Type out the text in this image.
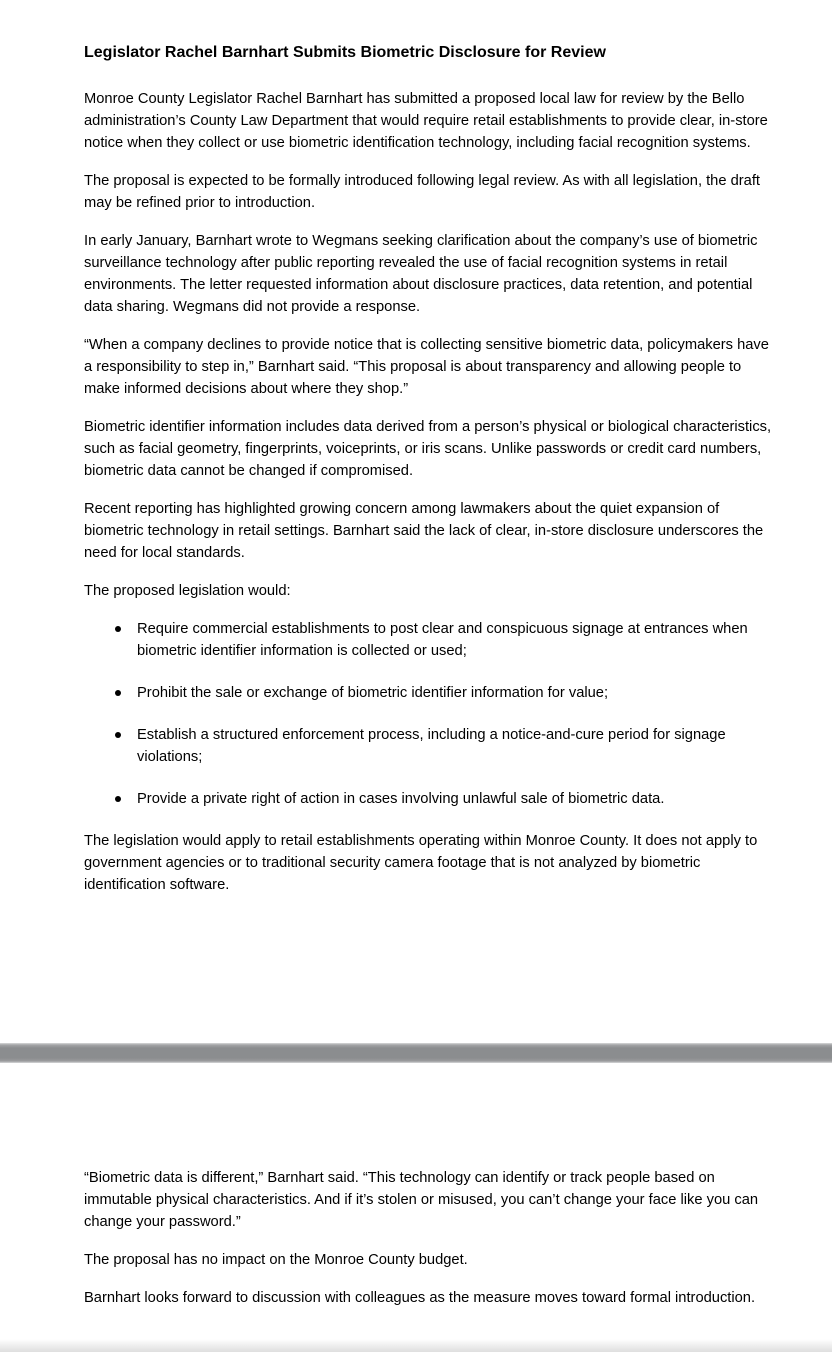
Legislator Rachel Barnhart Submits Biometric Disclosure for Review

Monroe County Legislator Rachel Barnhart has submitted a proposed local law for review by the Bello administration’s County Law Department that would require retail establishments to provide clear, in-store notice when they collect or use biometric identification technology, including facial recognition systems.

The proposal is expected to be formally introduced following legal review. As with all legislation, the draft may be refined prior to introduction.

In early January, Barnhart wrote to Wegmans seeking clarification about the company’s use of biometric surveillance technology after public reporting revealed the use of facial recognition systems in retail environments. The letter requested information about disclosure practices, data retention, and potential data sharing. Wegmans did not provide a response.

“When a company declines to provide notice that is collecting sensitive biometric data, policymakers have a responsibility to step in,” Barnhart said. “This proposal is about transparency and allowing people to make informed decisions about where they shop.”

Biometric identifier information includes data derived from a person’s physical or biological characteristics, such as facial geometry, fingerprints, voiceprints, or iris scans. Unlike passwords or credit card numbers, biometric data cannot be changed if compromised.

Recent reporting has highlighted growing concern among lawmakers about the quiet expansion of biometric technology in retail settings. Barnhart said the lack of clear, in-store disclosure underscores the need for local standards.

The proposed legislation would:

Require commercial establishments to post clear and conspicuous signage at entrances when biometric identifier information is collected or used;
Prohibit the sale or exchange of biometric identifier information for value;
Establish a structured enforcement process, including a notice-and-cure period for signage violations;
Provide a private right of action in cases involving unlawful sale of biometric data.

The legislation would apply to retail establishments operating within Monroe County. It does not apply to government agencies or to traditional security camera footage that is not analyzed by biometric identification software.

“Biometric data is different,” Barnhart said. “This technology can identify or track people based on immutable physical characteristics. And if it’s stolen or misused, you can’t change your face like you can change your password.”

The proposal has no impact on the Monroe County budget.

Barnhart looks forward to discussion with colleagues as the measure moves toward formal introduction.
